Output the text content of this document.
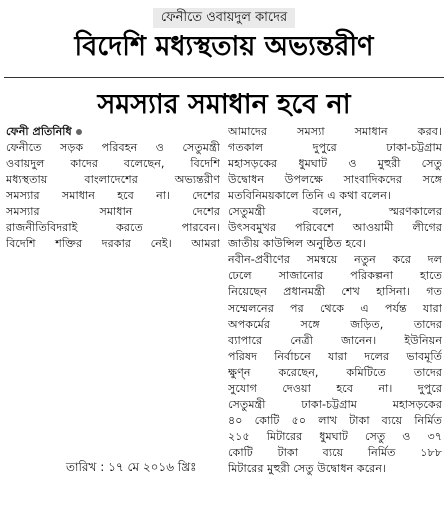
ফেনীতে ওবায়দুল কাদের
বিদেশি মধ্যস্থতায় অভ্যন্তরীণ
সমস্যার সমাধান হবে না
ফেনী প্রতিনিধি
ফেনীতে সড়ক পরিবহন ও সেতুমন্ত্রী
ওবায়দুল কাদের বলেছেন, বিদেশি
মধ্যস্থতায় বাংলাদেশের অভ্যন্তরীণ
সমস্যার সমাধান হবে না। দেশের
সমস্যার সমাধান দেশের
রাজনীতিবিদরাই করতে পারবেন।
বিদেশি শক্তির দরকার নেই। আমরা
আমাদের সমস্যা সমাধান করব।
গতকাল দুপুরে ঢাকা-চট্টগ্রাম
মহাসড়কের ধুমঘাট ও মুহুরী সেতু
উদ্বোধন উপলক্ষে সাংবাদিকদের সঙ্গে
মতবিনিময়কালে তিনি এ কথা বলেন।
সেতুমন্ত্রী বলেন, স্মরণকালের
উৎসবমুখর পরিবেশে আওয়ামী লীগের
জাতীয় কাউন্সিল অনুষ্ঠিত হবে।
নবীন-প্রবীণের সমন্বয়ে নতুন করে দল
ঢেলে সাজানোর পরিকল্পনা হাতে
নিয়েছেন প্রধানমন্ত্রী শেখ হাসিনা। গত
সম্মেলনের পর থেকে এ পর্যন্ত যারা
অপকর্মের সঙ্গে জড়িত, তাদের
ব্যাপারে নেত্রী জানেন। ইউনিয়ন
পরিষদ নির্বাচনে যারা দলের ভাবমূর্তি
ক্ষুণ্ন করেছেন, কমিটিতে তাদের
সুযোগ দেওয়া হবে না। দুপুরে
সেতুমন্ত্রী ঢাকা-চট্টগ্রাম মহাসড়কের
৪০ কোটি ৫০ লাখ টাকা ব্যয়ে নির্মিত
২১৫ মিটারের ধুমঘাট সেতু ও ৩৭
কোটি টাকা ব্যয়ে নির্মিত ১৮৮
মিটারের মুহুরী সেতু উদ্বোধন করেন।
তারিখ : ১৭ মে ২০১৬ খ্রিঃ
